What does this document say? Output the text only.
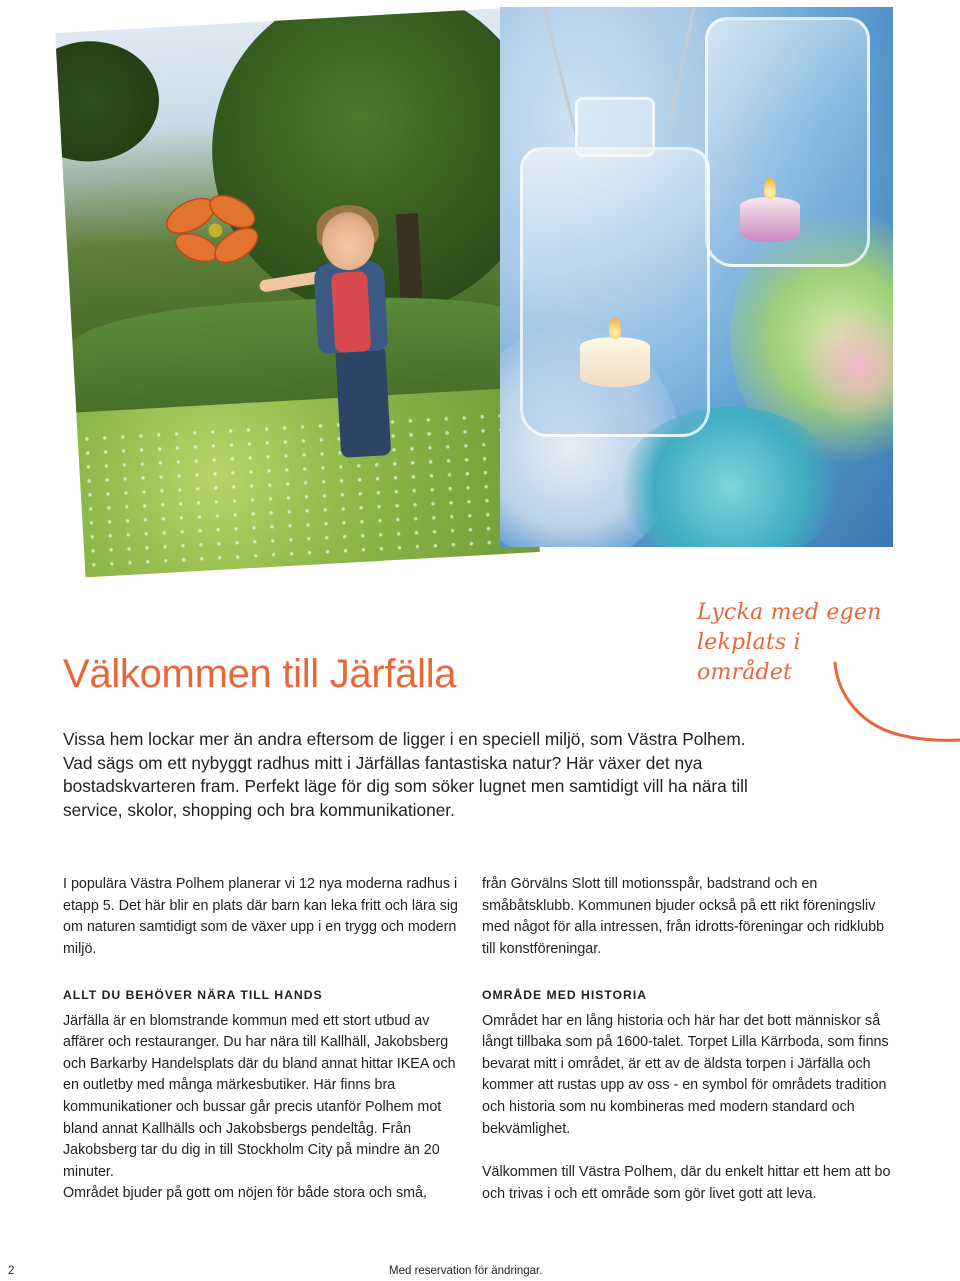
Lycka med egen
lekplats i området
Välkommen till Järfälla

Vissa hem lockar mer än andra eftersom de ligger i en speciell miljö, som Västra Polhem. Vad sägs om ett nybyggt radhus mitt i Järfällas fantastiska natur? Här växer det nya bostadskvarteren fram. Perfekt läge för dig som söker lugnet men samtidigt vill ha nära till service, skolor, shopping och bra kommunikationer.

I populära Västra Polhem planerar vi 12 nya moderna radhus i etapp 5. Det här blir en plats där barn kan leka fritt och lära sig om naturen samtidigt som de växer upp i en trygg och modern miljö.

från Görvälns Slott till motionsspår, badstrand och en småbåtsklubb. Kommunen bjuder också på ett rikt föreningsliv med något för alla intressen, från idrotts-föreningar och ridklubb till konstföreningar.

ALLT DU BEHÖVER NÄRA TILL HANDS

Järfälla är en blomstrande kommun med ett stort utbud av affärer och restauranger. Du har nära till Kallhäll, Jakobsberg och Barkarby Handelsplats där du bland annat hittar IKEA och en outletby med många märkesbutiker. Här finns bra kommunikationer och bussar går precis utanför Polhem mot bland annat Kallhälls och Jakobsbergs pendeltåg. Från Jakobsberg tar du dig in till Stockholm City på mindre än 20 minuter.

Området bjuder på gott om nöjen för både stora och små,

OMRÅDE MED HISTORIA

Området har en lång historia och här har det bott människor så långt tillbaka som på 1600-talet. Torpet Lilla Kärrboda, som finns bevarat mitt i området, är ett av de äldsta torpen i Järfälla och kommer att rustas upp av oss - en symbol för områdets tradition och historia som nu kombineras med modern standard och bekvämlighet.

Välkommen till Västra Polhem, där du enkelt hittar ett hem att bo och trivas i och ett område som gör livet gott att leva.

2	Med reservation för ändringar.
